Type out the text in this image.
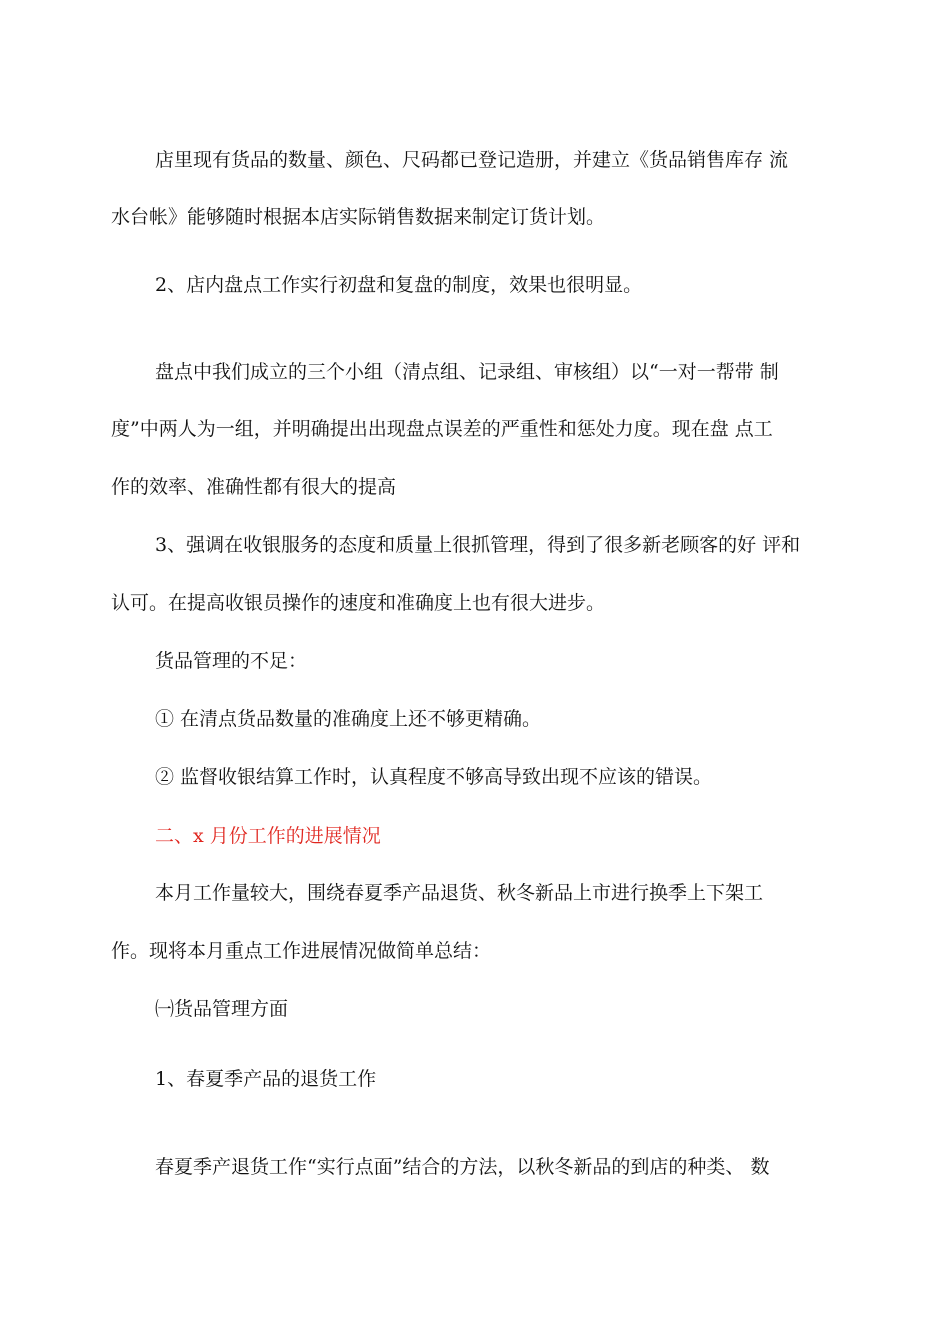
店里现有货品的数量、颜色、尺码都已登记造册，并建立《货品销售库存 流
水台帐》能够随时根据本店实际销售数据来制定订货计划。
2、店内盘点工作实行初盘和复盘的制度，效果也很明显。
盘点中我们成立的三个小组（清点组、记录组、审核组）以“一对一帮带 制
度”中两人为一组，并明确提出出现盘点误差的严重性和惩处力度。现在盘 点工
作的效率、准确性都有很大的提高
3、强调在收银服务的态度和质量上很抓管理，得到了很多新老顾客的好 评和
认可。在提高收银员操作的速度和准确度上也有很大进步。
货品管理的不足：
① 在清点货品数量的准确度上还不够更精确。
② 监督收银结算工作时，认真程度不够高导致出现不应该的错误。
二、x 月份工作的进展情况
本月工作量较大，围绕春夏季产品退货、秋冬新品上市进行换季上下架工
作。现将本月重点工作进展情况做简单总结：
㈠货品管理方面
1、春夏季产品的退货工作
春夏季产退货工作“实行点面”结合的方法，以秋冬新品的到店的种类、 数
